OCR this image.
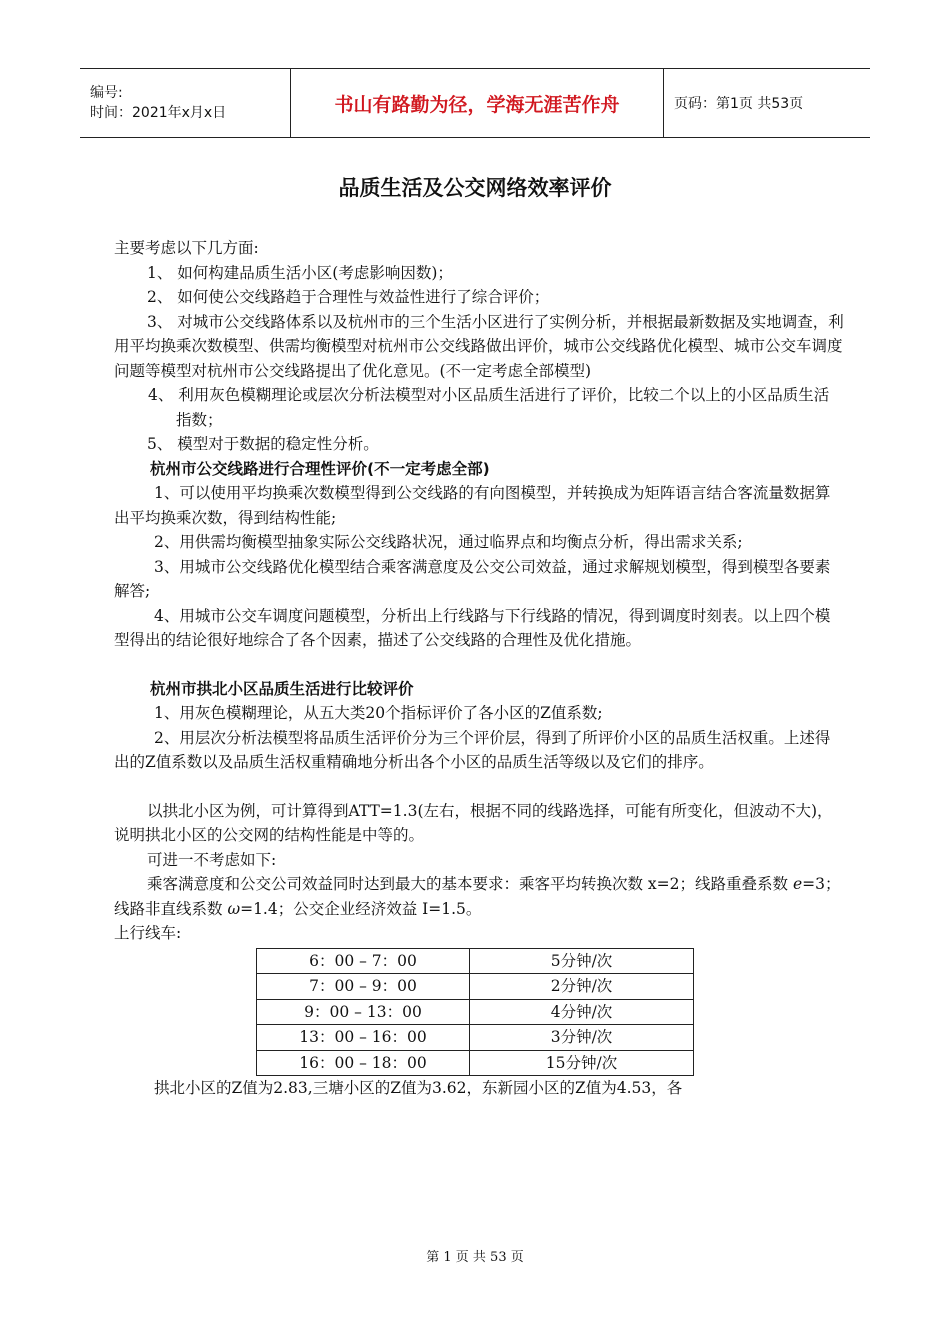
编号:
时间：2021年x月x日	书山有路勤为径，学海无涯苦作舟	页码：第1页 共53页
品质生活及公交网络效率评价

主要考虑以下几方面:

1、 如何构建品质生活小区(考虑影响因数)；

2、 如何使公交线路趋于合理性与效益性进行了综合评价；

3、 对城市公交线路体系以及杭州市的三个生活小区进行了实例分析，并根据最新数据及实地调查，利用平均换乘次数模型、供需均衡模型对杭州市公交线路做出评价，城市公交线路优化模型、城市公交车调度问题等模型对杭州市公交线路提出了优化意见。(不一定考虑全部模型)

4、 利用灰色模糊理论或层次分析法模型对小区品质生活进行了评价，比较二个以上的小区品质生活指数；

5、 模型对于数据的稳定性分析。

杭州市公交线路进行合理性评价(不一定考虑全部)

1、可以使用平均换乘次数模型得到公交线路的有向图模型，并转换成为矩阵语言结合客流量数据算出平均换乘次数，得到结构性能;

2、用供需均衡模型抽象实际公交线路状况，通过临界点和均衡点分析，得出需求关系;

3、用城市公交线路优化模型结合乘客满意度及公交公司效益，通过求解规划模型，得到模型各要素解答;

4、用城市公交车调度问题模型，分析出上行线路与下行线路的情况，得到调度时刻表。以上四个模型得出的结论很好地综合了各个因素，描述了公交线路的合理性及优化措施。

杭州市拱北小区品质生活进行比较评价

1、用灰色模糊理论，从五大类20个指标评价了各小区的Z值系数;

2、用层次分析法模型将品质生活评价分为三个评价层，得到了所评价小区的品质生活权重。上述得出的Z值系数以及品质生活权重精确地分析出各个小区的品质生活等级以及它们的排序。

以拱北小区为例，可计算得到ATT=1.3(左右，根据不同的线路选择，可能有所变化，但波动不大)，说明拱北小区的公交网的结构性能是中等的。

可进一不考虑如下:

乘客满意度和公交公司效益同时达到最大的基本要求：乘客平均转换次数 x=2；线路重叠系数 e=3；线路非直线系数 ω=1.4；公交企业经济效益 I=1.5。

上行线车:

6：00 – 7：00	5分钟/次
7：00 – 9：00	2分钟/次
9：00 – 13：00	4分钟/次
13：00 – 16：00	3分钟/次
16：00 – 18：00	15分钟/次

拱北小区的Z值为2.83,三塘小区的Z值为3.62，东新园小区的Z值为4.53，各

第 1 页 共 53 页
